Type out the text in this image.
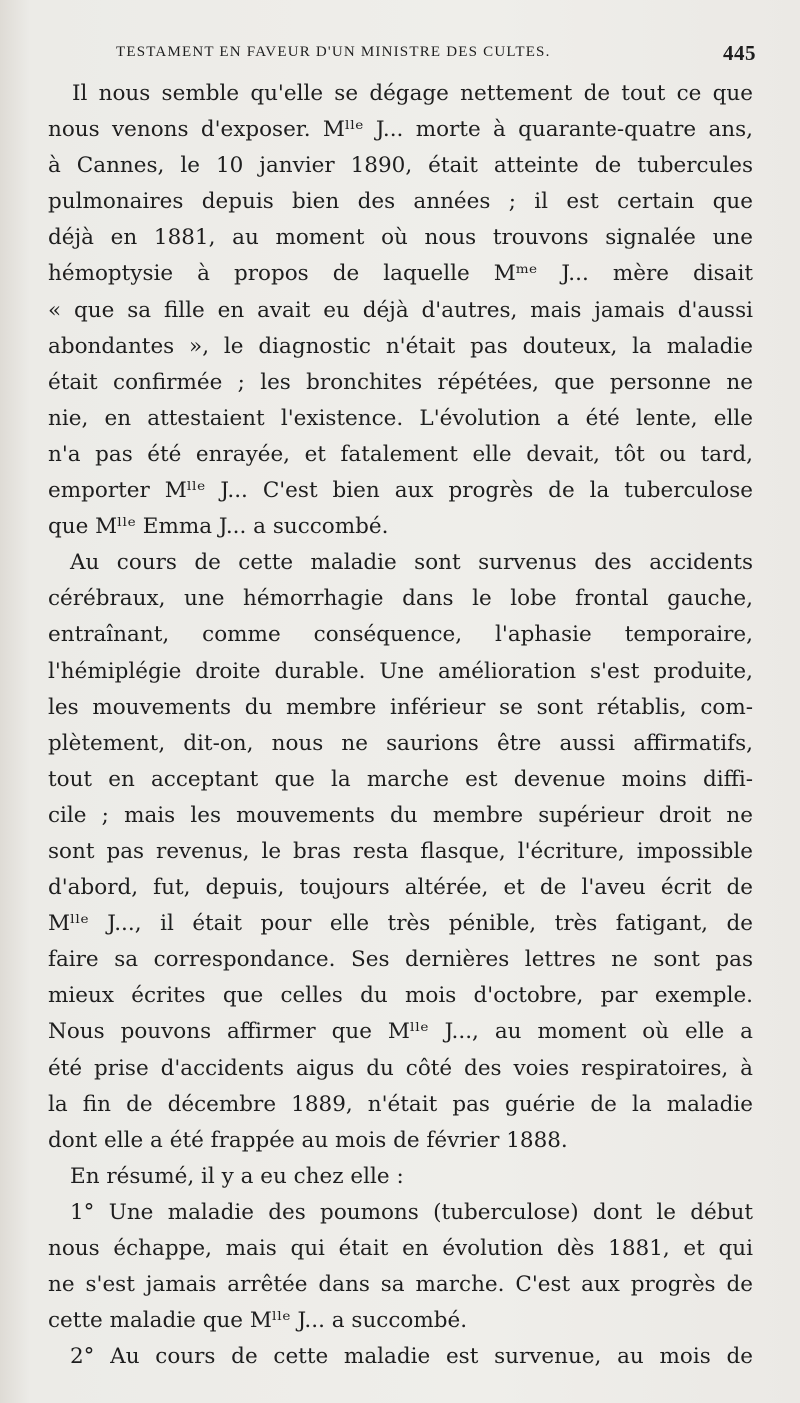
TESTAMENT EN FAVEUR D'UN MINISTRE DES CULTES.	445
Il nous semble qu'elle se dégage nettement de tout ce que
nous venons d'exposer. Mˡˡᵉ J... morte à quarante-quatre ans,
à Cannes, le 10 janvier 1890, était atteinte de tubercules
pulmonaires depuis bien des années ; il est certain que
déjà en 1881, au moment où nous trouvons signalée une
hémoptysie à propos de laquelle Mᵐᵉ J... mère disait
« que sa fille en avait eu déjà d'autres, mais jamais d'aussi
abondantes », le diagnostic n'était pas douteux, la maladie
était confirmée ; les bronchites répétées, que personne ne
nie, en attestaient l'existence. L'évolution a été lente, elle
n'a pas été enrayée, et fatalement elle devait, tôt ou tard,
emporter Mˡˡᵉ J... C'est bien aux progrès de la tuberculose
que Mˡˡᵉ Emma J... a succombé.
Au cours de cette maladie sont survenus des accidents
cérébraux, une hémorrhagie dans le lobe frontal gauche,
entraînant, comme conséquence, l'aphasie temporaire,
l'hémiplégie droite durable. Une amélioration s'est produite,
les mouvements du membre inférieur se sont rétablis, com-
plètement, dit-on, nous ne saurions être aussi affirmatifs,
tout en acceptant que la marche est devenue moins diffi-
cile ; mais les mouvements du membre supérieur droit ne
sont pas revenus, le bras resta flasque, l'écriture, impossible
d'abord, fut, depuis, toujours altérée, et de l'aveu écrit de
Mˡˡᵉ J..., il était pour elle très pénible, très fatigant, de
faire sa correspondance. Ses dernières lettres ne sont pas
mieux écrites que celles du mois d'octobre, par exemple.
Nous pouvons affirmer que Mˡˡᵉ J..., au moment où elle a
été prise d'accidents aigus du côté des voies respiratoires, à
la fin de décembre 1889, n'était pas guérie de la maladie
dont elle a été frappée au mois de février 1888.
En résumé, il y a eu chez elle :
1° Une maladie des poumons (tuberculose) dont le début
nous échappe, mais qui était en évolution dès 1881, et qui
ne s'est jamais arrêtée dans sa marche. C'est aux progrès de
cette maladie que Mˡˡᵉ J... a succombé.
2° Au cours de cette maladie est survenue, au mois de
